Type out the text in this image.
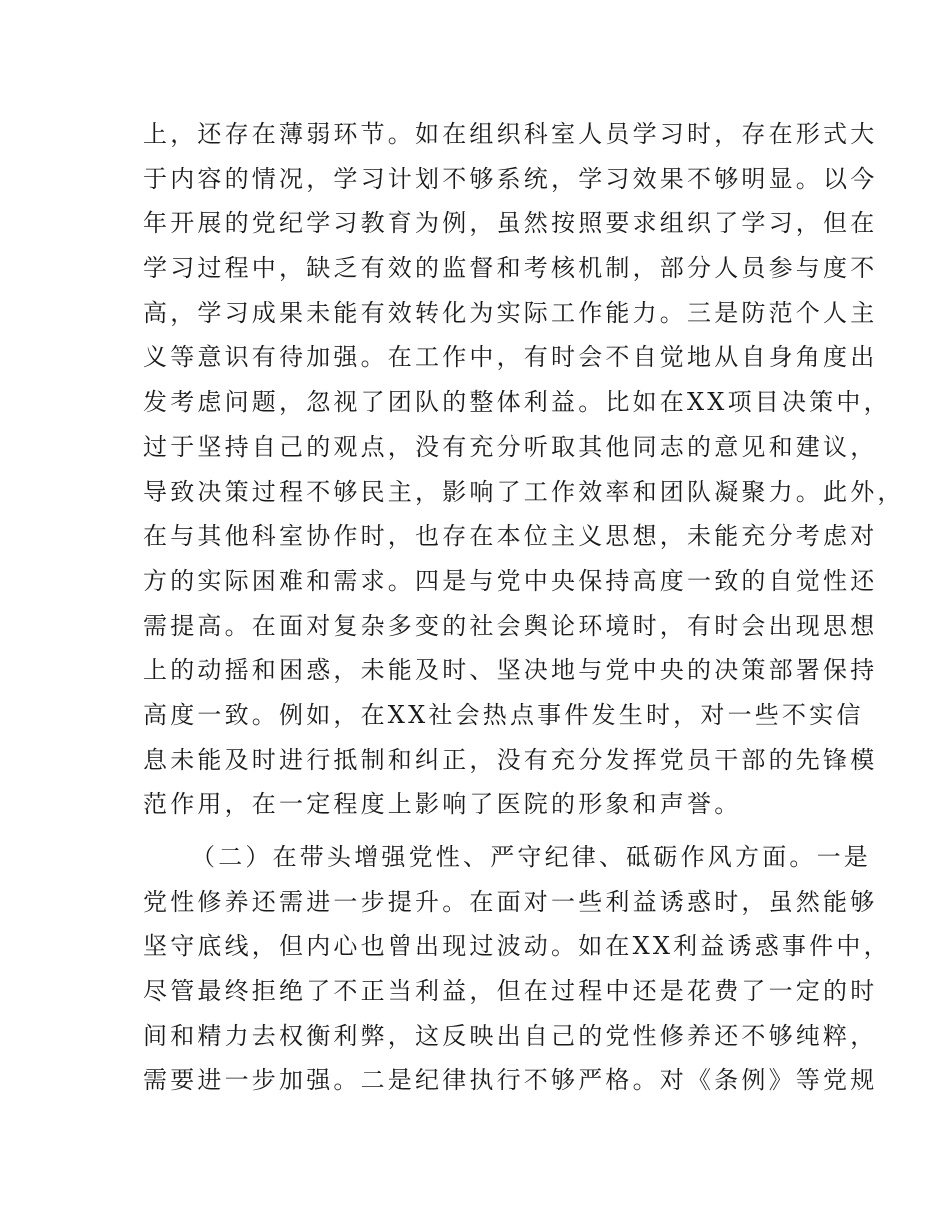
上，还存在薄弱环节。如在组织科室人员学习时，存在形式大
于内容的情况，学习计划不够系统，学习效果不够明显。以今
年开展的党纪学习教育为例，虽然按照要求组织了学习，但在
学习过程中，缺乏有效的监督和考核机制，部分人员参与度不
高，学习成果未能有效转化为实际工作能力。三是防范个人主
义等意识有待加强。在工作中，有时会不自觉地从自身角度出
发考虑问题，忽视了团队的整体利益。比如在XX项目决策中，
过于坚持自己的观点，没有充分听取其他同志的意见和建议，
导致决策过程不够民主，影响了工作效率和团队凝聚力。此外，
在与其他科室协作时，也存在本位主义思想，未能充分考虑对
方的实际困难和需求。四是与党中央保持高度一致的自觉性还
需提高。在面对复杂多变的社会舆论环境时，有时会出现思想
上的动摇和困惑，未能及时、坚决地与党中央的决策部署保持
高度一致。例如，在XX社会热点事件发生时，对一些不实信
息未能及时进行抵制和纠正，没有充分发挥党员干部的先锋模
范作用，在一定程度上影响了医院的形象和声誉。
（二）在带头增强党性、严守纪律、砥砺作风方面。一是
党性修养还需进一步提升。在面对一些利益诱惑时，虽然能够
坚守底线，但内心也曾出现过波动。如在XX利益诱惑事件中，
尽管最终拒绝了不正当利益，但在过程中还是花费了一定的时
间和精力去权衡利弊，这反映出自己的党性修养还不够纯粹，
需要进一步加强。二是纪律执行不够严格。对《条例》等党规
